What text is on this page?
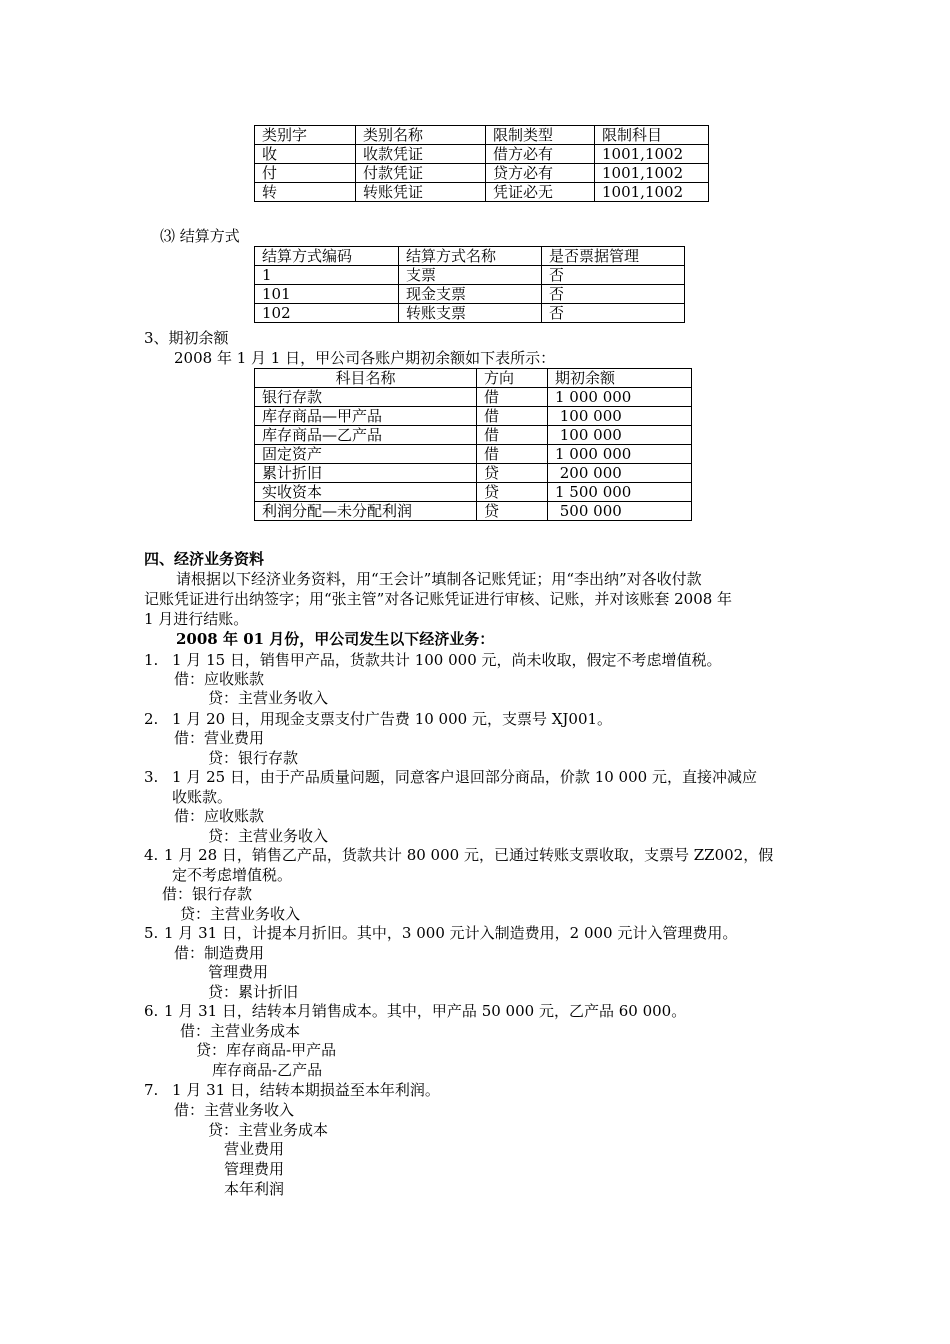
类别字	类别名称	限制类型	限制科目
收	收款凭证	借方必有	1001,1002
付	付款凭证	贷方必有	1001,1002
转	转账凭证	凭证必无	1001,1002
⑶ 结算方式
结算方式编码	结算方式名称	是否票据管理
1	支票	否
101	现金支票	否
102	转账支票	否
3、期初余额
2008 年 1 月 1 日，甲公司各账户期初余额如下表所示：
科目名称	方向	期初余额
银行存款	借	1 000 000
库存商品—甲产品	借	100 000
库存商品—乙产品	借	100 000
固定资产	借	1 000 000
累计折旧	贷	200 000
实收资本	贷	1 500 000
利润分配—未分配利润	贷	500 000
四、经济业务资料
请根据以下经济业务资料，用“王会计”填制各记账凭证；用“李出纳”对各收付款
记账凭证进行出纳签字；用“张主管”对各记账凭证进行审核、记账，并对该账套 2008 年
1 月进行结账。
2008 年 01 月份，甲公司发生以下经济业务：
1. 1 月 15 日，销售甲产品，货款共计 100 000 元，尚未收取，假定不考虑增值税。
借：应收账款
贷：主营业务收入
2. 1 月 20 日，用现金支票支付广告费 10 000 元，支票号 XJ001。
借：营业费用
贷：银行存款
3. 1 月 25 日，由于产品质量问题，同意客户退回部分商品，价款 10 000 元，直接冲减应
收账款。
借：应收账款
贷：主营业务收入
4. 1 月 28 日，销售乙产品，货款共计 80 000 元，已通过转账支票收取，支票号 ZZ002，假
定不考虑增值税。
借：银行存款
贷：主营业务收入
5. 1 月 31 日，计提本月折旧。其中，3 000 元计入制造费用，2 000 元计入管理费用。
借：制造费用
管理费用
贷：累计折旧
6. 1 月 31 日，结转本月销售成本。其中，甲产品 50 000 元，乙产品 60 000。
借：主营业务成本
贷：库存商品-甲产品
库存商品-乙产品
7. 1 月 31 日，结转本期损益至本年利润。
借：主营业务收入
贷：主营业务成本
营业费用
管理费用
本年利润
